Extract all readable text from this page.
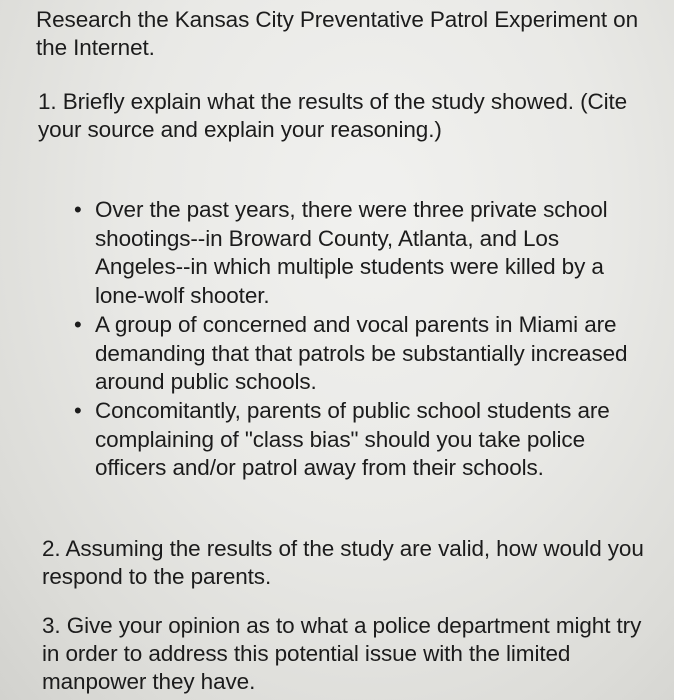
Research the Kansas City Preventative Patrol Experiment on the Internet.

1. Briefly explain what the results of the study showed. (Cite your source and explain your reasoning.)

• Over the past years, there were three private school shootings--in Broward County, Atlanta, and Los Angeles--in which multiple students were killed by a lone-wolf shooter.
• A group of concerned and vocal parents in Miami are demanding that that patrols be substantially increased around public schools.
• Concomitantly, parents of public school students are complaining of "class bias" should you take police officers and/or patrol away from their schools.

2. Assuming the results of the study are valid, how would you respond to the parents.

3. Give your opinion as to what a police department might try in order to address this potential issue with the limited manpower they have.
